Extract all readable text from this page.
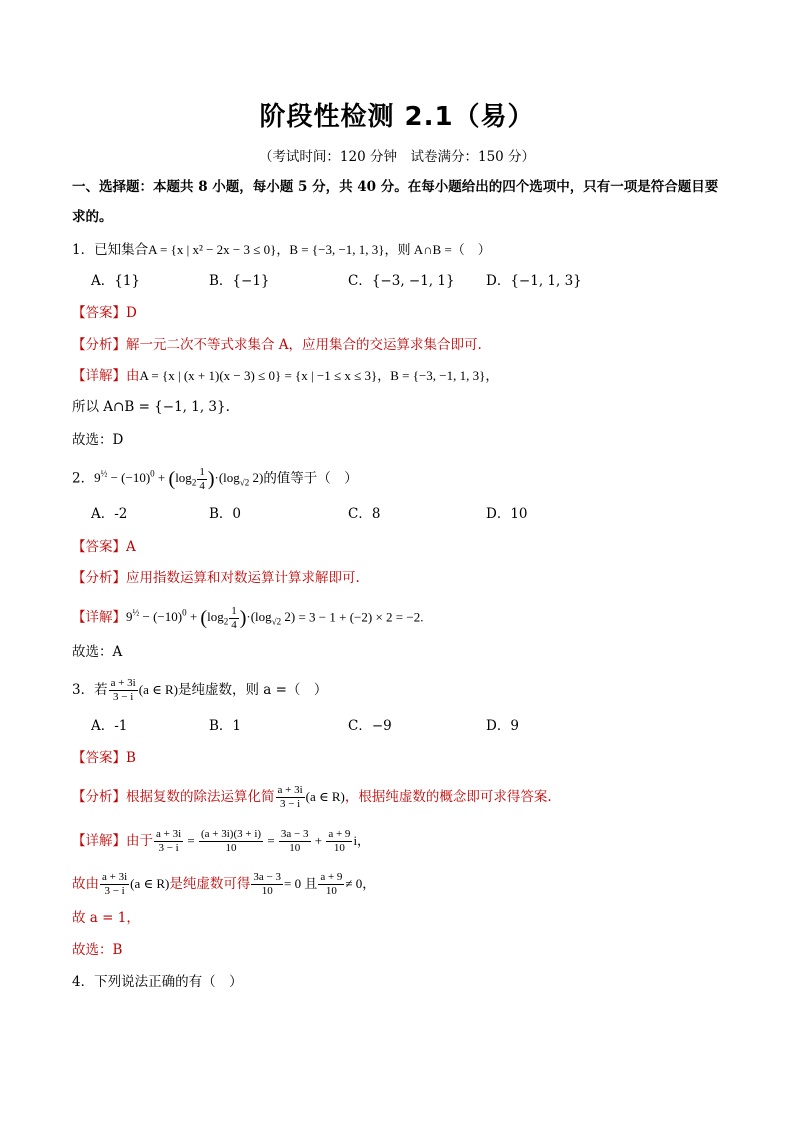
阶段性检测 2.1（易）
（考试时间：120 分钟　试卷满分：150 分）
一、选择题：本题共 8 小题，每小题 5 分，共 40 分。在每小题给出的四个选项中，只有一项是符合题目要
求的。
1．已知集合A = {x | x² − 2x − 3 ≤ 0}，B = {−3, −1, 1, 3}，则 A∩B =（　）
A．{1}	B．{−1}	C．{−3, −1, 1} D．{−1, 1, 3}
【答案】D
【分析】解一元二次不等式求集合 A，应用集合的交运算求集合即可.
【详解】由A = {x | (x + 1)(x − 3) ≤ 0} = {x | −1 ≤ x ≤ 3}，B = {−3, −1, 1, 3}，
所以 A∩B = {−1, 1, 3}.
故选：D
2．$9^{\frac{1}{2}} - (-10)^0 + (\log_2 \frac{1}{4} )\cdot(\log_{√2}$ 2)的值等于（　）
A．-2	B．0	C．8	D．10
【答案】A
【分析】应用指数运算和对数运算计算求解即可.
【详解】$9^{\frac{1}{2}} - (-10)^0 + (\log_2 \frac{1}{4} )\cdot(\log_{√2}$ 2) = 3 − 1 + (−2) × 2 = −2.
故选：A
3．若 $\frac{a + 3i}{3 - i} (a$ ∈ R)是纯虚数，则 a =（　）
A．-1	B．1	C．−9	D．9
【答案】B
【分析】根据复数的除法运算化简 $\frac{a + 3i}{3 - i} (a$ ∈ R)，根据纯虚数的概念即可求得答案.
【详解】由于 $\frac{a + 3i}{3 - i} = \frac{(a + 3i)(3 + i)}{10} = \frac{3a - 3}{10} + \frac{a + 9}{10}$ i，
故由 $\frac{a + 3i}{3 - i} (a$ ∈ R)是纯虚数可得 $\frac{3a - 3}{10} = 0$ 且 $\frac{a + 9}{10} \ne 0$，
故 a = 1，
故选：B
4．下列说法正确的有（　）
